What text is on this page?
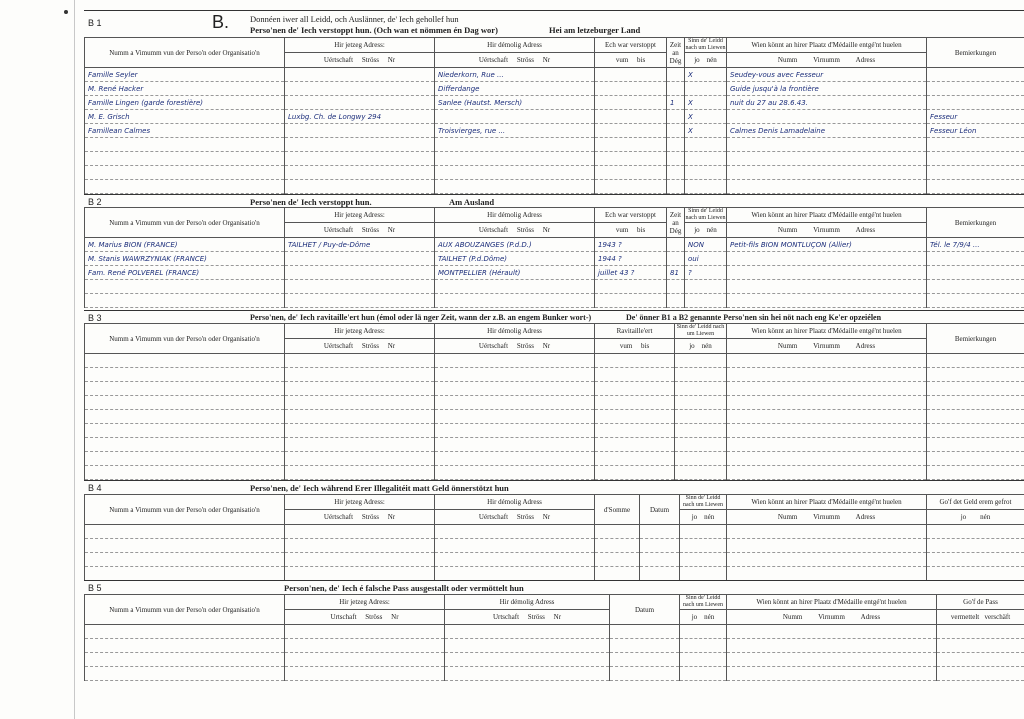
B 1	B. Donnéen iwer all Leidd, och Auslänner, de' Iech gehollef hun
Perso'nen de' Iech verstoppt hun. (Och wan et nömmen én Dag wor)	Hei am letzeburger Land
Numm a Vimumm vun der Perso'n oder Organisatio'n	Hir jetzeg Adress:	Hir démolig Adress	Ech war verstoppt	Zeit an Dég	Sinn de' Leidd nach um Liewen	Wien könnt an hirer Plaatz d'Médaille entgé'nt huelen	Bemierkungen
	Uértschaft Ströss Nr	Uértschaft Ströss Nr	vum bis		jo nén	Numm Virnumm Adress	
Famille Seyler		Niederkorn, Rue ...			X	Seudey-vous avec Fesseur	
M. René Hacker		Differdange				Guide jusqu'à la frontière	
Famille Lingen (garde forestière)		Sanlee (Hautst. Mersch)		1	X	nuit du 27 au 28.6.43.	
M. E. Grisch	Luxbg. Ch. de Longwy 294				X		Fesseur
Famillean Calmes		Troisvierges, rue ...			X	Calmes Denis Lamadelaine	Fesseur Léon

B 2	Perso'nen de' Iech verstoppt hun.	Am Ausland
Numm a Vimumm vun der Perso'n oder Organisatio'n	Hir jetzeg Adress:	Hir démolig Adress	Ech war verstoppt	Zeit an Dég	Sinn de' Leidd nach um Liewen	Wien könnt an hirer Plaatz d'Médaille entgé'nt huelen	Bemierkungen
	Uértschaft Ströss Nr	Uértschaft Ströss Nr	vum bis		jo nén	Numm Virnumm Adress	
M. Marius BION (FRANCE)	TAILHET / Puy-de-Dôme	AUX ABOUZANGES (P.d.D.)	1943 ?		NON	Petit-fils BION MONTLUÇON (Allier)	Tél. le 7/9/4 ...
M. Stanis WAWRZYNIAK (FRANCE)		TAILHET (P.d.Dôme)	1944 ?		oui		
Fam. René POLVEREL (FRANCE)		MONTPELLIER (Hérault)	juillet 43 ?	81	?		

B 3	Perso'nen, de' Iech ravitaille'ert hun (émol oder lä nger Zeit, wann der z.B. an engem Bunker wort-)	De' önner B1 a B2 genannte Perso'nen sin hei nöt nach eng Ke'er opzeiélen
Numm a Vimumm vun der Perso'n oder Organisatio'n	Hir jetzeg Adress:	Hir démolig Adress	Ravitaille'ert	Sinn de' Leidd nach um Liewen	Wien könnt an hirer Plaatz d'Médaille entgé'nt huelen	Bemierkungen
	Uértschaft Ströss Nr	Uértschaft Ströss Nr	vum bis	jo nén	Numm Virnumm Adress	

B 4	Perso'nen, de' Iech während Erer Illegalitéit matt Geld önnerstötzt hun
Numm a Vimumm vun der Perso'n oder Organisatio'n	Hir jetzeg Adress:	Hir démolig Adress	d'Somme	Datum	Sinn de' Leidd nach um Liewen	Wien könnt an hirer Plaatz d'Médaille entgé'nt huelen	Go'f det Geld erem gefrot
	Uértschaft Ströss Nr	Uértschaft Ströss Nr			jo nén	Numm Virnumm Adress	jo nén

B 5	Person'nen, de' Iech é falsche Pass ausgestallt oder vermöttelt hun
Numm a Vimumm vun der Perso'n oder Organisatio'n	Hir jetzeg Adress:	Hir démolig Adress	Datum	Sinn de' Leidd nach um Liewen	Wien könnt an hirer Plaatz d'Médaille entgé'nt huelen	Go'f de Pass
	Urtschaft Ströss Nr	Urtschaft Ströss Nr		jo nén	Numm Virnumm Adress	vermettelt verschäft
